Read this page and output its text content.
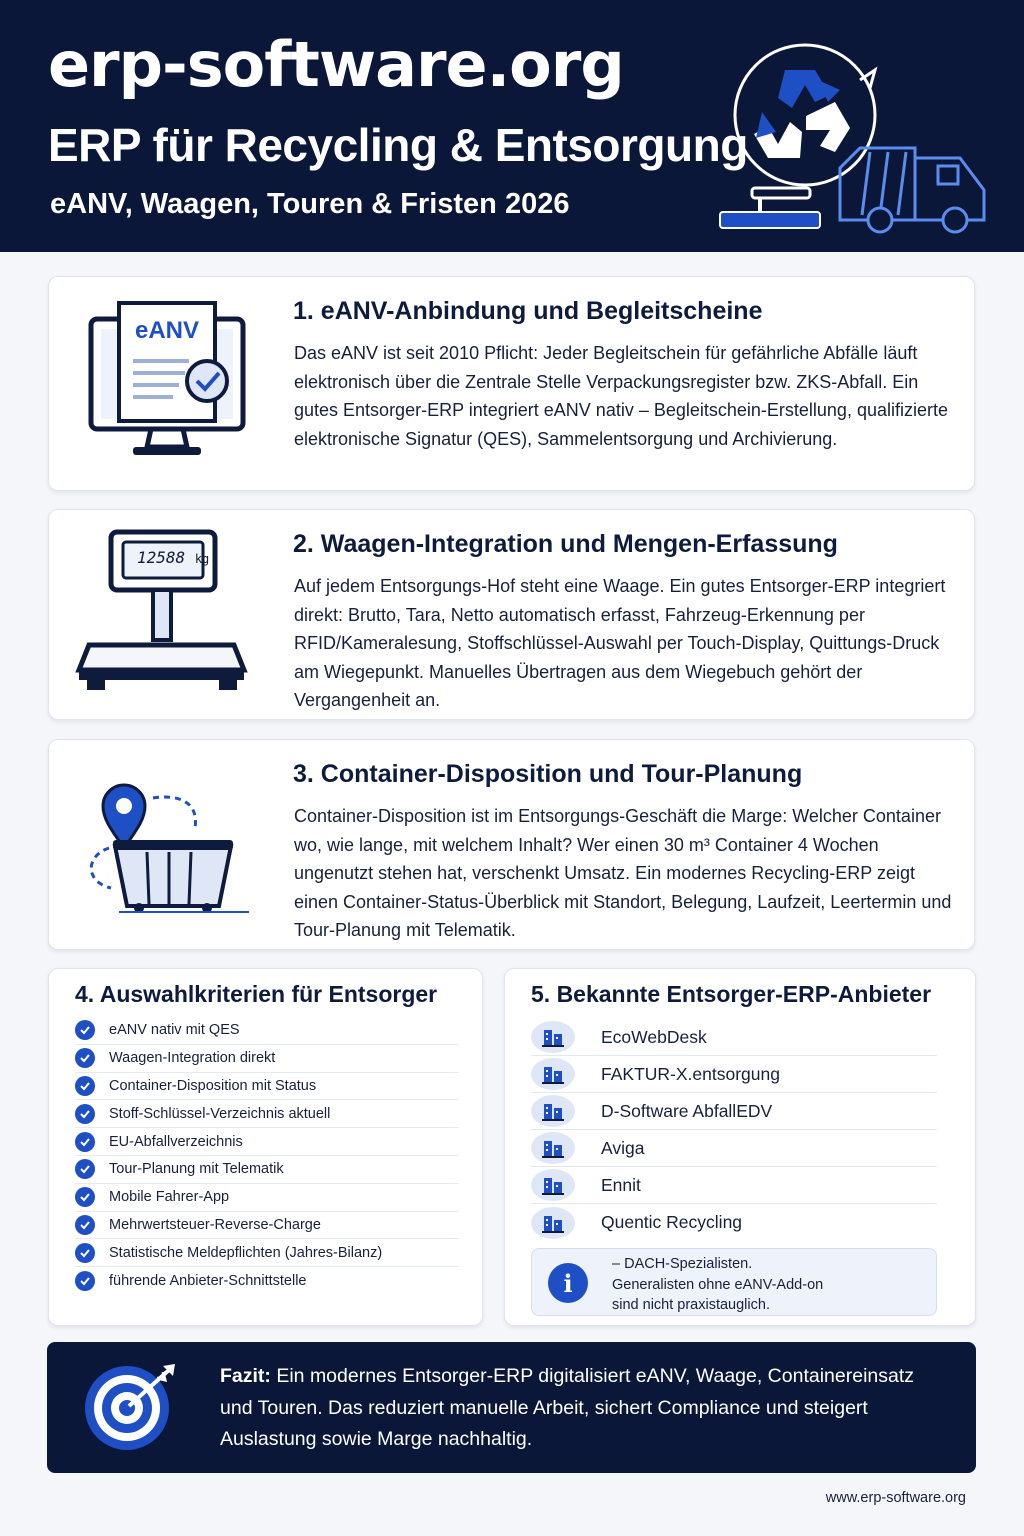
erp-software.org
ERP für Recycling & Entsorgung
eANV, Waagen, Touren & Fristen 2026
eANV
1. eANV-Anbindung und Begleitscheine
Das eANV ist seit 2010 Pflicht: Jeder Begleitschein für gefährliche Abfälle läuft elektronisch über die Zentrale Stelle Verpackungsregister bzw. ZKS-Abfall. Ein gutes Entsorger-ERP integriert eANV nativ – Begleitschein-Erstellung, qualifizierte elektronische Signatur (QES), Sammelentsorgung und Archivierung.
12588 kg
2. Waagen-Integration und Mengen-Erfassung
Auf jedem Entsorgungs-Hof steht eine Waage. Ein gutes Entsorger-ERP integriert direkt: Brutto, Tara, Netto automatisch erfasst, Fahrzeug-Erkennung per RFID/Kameralesung, Stoffschlüssel-Auswahl per Touch-Display, Quittungs-Druck am Wiegepunkt. Manuelles Übertragen aus dem Wiegebuch gehört der Vergangenheit an.
3. Container-Disposition und Tour-Planung
Container-Disposition ist im Entsorgungs-Geschäft die Marge: Welcher Container wo, wie lange, mit welchem Inhalt? Wer einen 30 m³ Container 4 Wochen ungenutzt stehen hat, verschenkt Umsatz. Ein modernes Recycling-ERP zeigt einen Container-Status-Überblick mit Standort, Belegung, Laufzeit, Leertermin und Tour-Planung mit Telematik.
4. Auswahlkriterien für Entsorger
eANV nativ mit QES
Waagen-Integration direkt
Container-Disposition mit Status
Stoff-Schlüssel-Verzeichnis aktuell
EU-Abfallverzeichnis
Tour-Planung mit Telematik
Mobile Fahrer-App
Mehrwertsteuer-Reverse-Charge
Statistische Meldepflichten (Jahres-Bilanz)
führende Anbieter-Schnittstelle
5. Bekannte Entsorger-ERP-Anbieter
EcoWebDesk
FAKTUR-X.entsorgung
D-Software AbfallEDV
Aviga
Ennit
Quentic Recycling
i
– DACH-Spezialisten.
Generalisten ohne eANV-Add-on
sind nicht praxistauglich.
Fazit: Ein modernes Entsorger-ERP digitalisiert eANV, Waage, Containereinsatz und Touren. Das reduziert manuelle Arbeit, sichert Compliance und steigert Auslastung sowie Marge nachhaltig.
www.erp-software.org
